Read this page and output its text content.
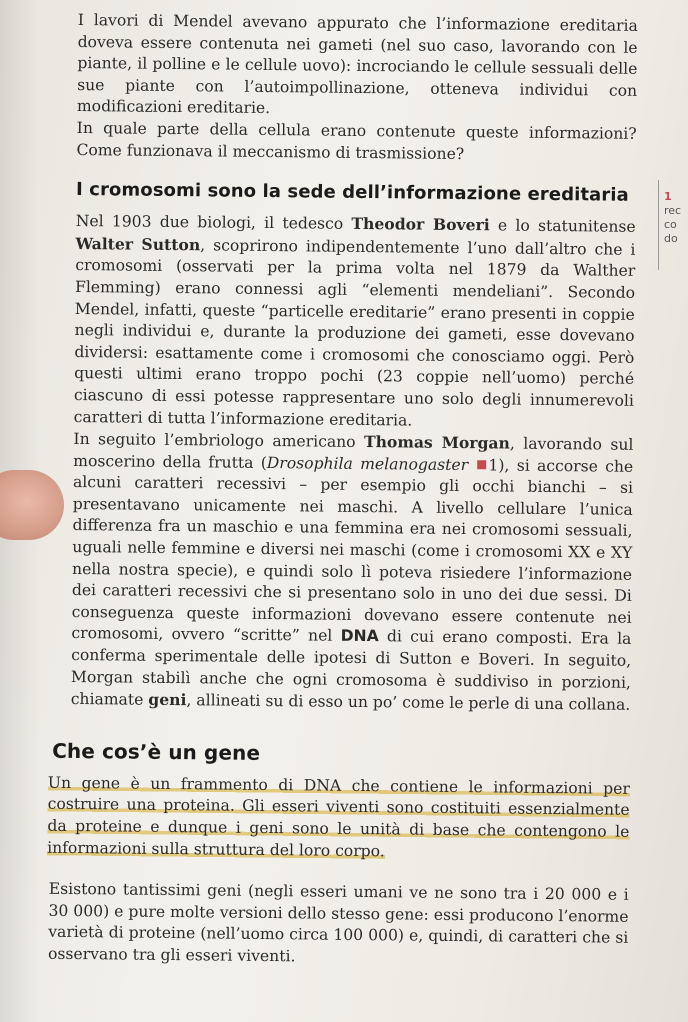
I lavori di Mendel avevano appurato che l’informazione ereditaria doveva essere contenuta nei gameti (nel suo caso, lavorando con le piante, il polline e le cellule uovo): incrociando le cellule sessuali delle sue piante con l’autoimpollinazione, otteneva individui con modificazioni ereditarie.

In quale parte della cellula erano contenute queste informazioni? Come funzionava il meccanismo di trasmissione?

I cromosomi sono la sede dell’informazione ereditaria

Nel 1903 due biologi, il tedesco Theodor Boveri e lo statunitense Walter Sutton, scoprirono indipendentemente l’uno dall’altro che i cromosomi (osservati per la prima volta nel 1879 da Walther Flemming) erano connessi agli “elementi mendeliani”. Secondo Mendel, infatti, queste “particelle ereditarie” erano presenti in coppie negli individui e, durante la produzione dei gameti, esse dovevano dividersi: esattamente come i cromosomi che conosciamo oggi. Però questi ultimi erano troppo pochi (23 coppie nell’uomo) perché ciascuno di essi potesse rappresentare uno solo degli innumerevoli caratteri di tutta l’informazione ereditaria.

In seguito l’embriologo americano Thomas Morgan, lavorando sul moscerino della frutta (Drosophila melanogaster 1), si accorse che alcuni caratteri recessivi – per esempio gli occhi bianchi – si presentavano unicamente nei maschi. A livello cellulare l’unica differenza fra un maschio e una femmina era nei cromosomi sessuali, uguali nelle femmine e diversi nei maschi (come i cromosomi XX e XY nella nostra specie), e quindi solo lì poteva risiedere l’informazione dei caratteri recessivi che si presentano solo in uno dei due sessi. Di conseguenza queste informazioni dovevano essere contenute nei cromosomi, ovvero “scritte” nel DNA di cui erano composti. Era la conferma sperimentale delle ipotesi di Sutton e Boveri. In seguito, Morgan stabilì anche che ogni cromosoma è suddiviso in porzioni, chiamate geni, allineati su di esso un po’ come le perle di una collana.

Che cos’è un gene

Un gene è un frammento di DNA che contiene le informazioni per costruire una proteina. Gli esseri viventi sono costituiti essenzialmente da proteine e dunque i geni sono le unità di base che contengono le informazioni sulla struttura del loro corpo.

Esistono tantissimi geni (negli esseri umani ve ne sono tra i 20 000 e i 30 000) e pure molte versioni dello stesso gene: essi producono l’enorme varietà di proteine (nell’uomo circa 100 000) e, quindi, di caratteri che si osservano tra gli esseri viventi.

1
rec
co
do
